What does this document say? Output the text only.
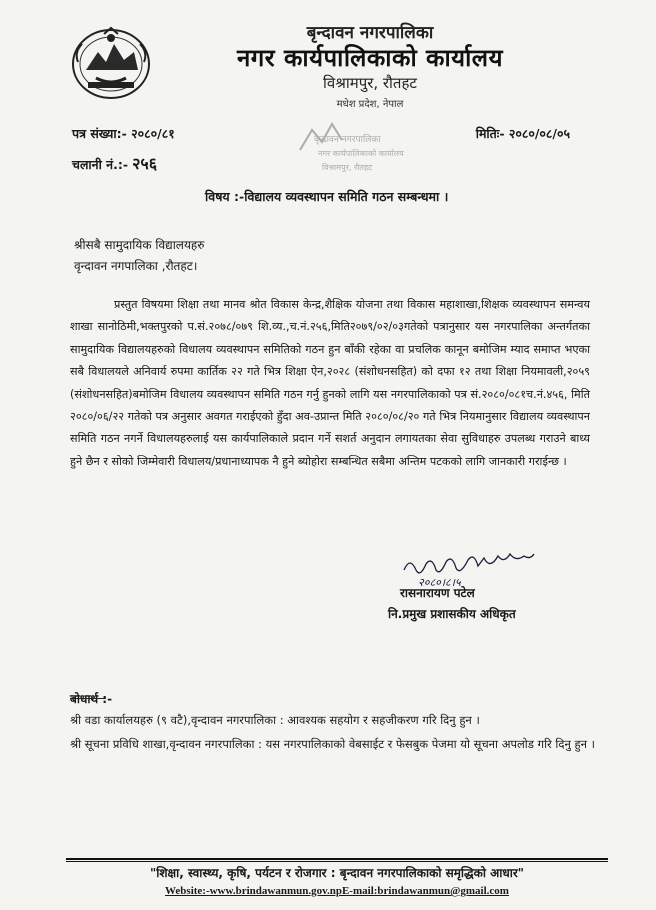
बृन्दावन नगरपालिका
नगर कार्यपालिकाको कार्यालय
विश्रामपुर, रौतहट
मधेश प्रदेश, नेपाल
पत्र संख्या:- २०८०/८१
चलानी नं.:- २५६
मितिः- २०८०/०८/०५
वृन्दावन नगरपालिका
नगर कार्यपालिकाको कार्यालय
विश्रामपुर, रौतहट
विषय :-विद्यालय व्यवस्थापन समिति गठन सम्बन्धमा ।
श्रीसबै सामुदायिक विद्यालयहरु
वृन्दावन नगपालिका ,रौतहट।
प्रस्तुत विषयमा शिक्षा तथा मानव श्रोत विकास केन्द्र,शैक्षिक योजना तथा विकास महाशाखा,शिक्षक व्यवस्थापन समन्वय शाखा सानोठिमी,भक्तपुरको प.सं.२०७८/०७९ शि.व्य.,च.नं.२५६,मिति२०७९/०२/०३गतेको पत्रानुसार यस नगरपालिका अन्तर्गतका सामुदायिक विद्यालयहरुको विधालय व्यवस्थापन समितिको गठन हुन बाँकी रहेका वा प्रचलिक कानून बमोजिम म्याद समाप्त भएका सबै विधालयले अनिवार्य रुपमा कार्तिक २२ गते भित्र शिक्षा ऐन,२०२८ (संशोधनसहित) को दफा १२ तथा शिक्षा नियमावली,२०५९ (संशोधनसहित)बमोजिम विधालय व्यवस्थापन समिति गठन गर्नु हुनको लागि यस नगरपालिकाको पत्र सं.२०८०/०८१च.नं.४५६, मिति २०८०/०६/२२ गतेको पत्र अनुसार अवगत गराईएको हुँदा अव-उप्रान्त मिति २०८०/०८/२० गते भित्र नियमानुसार विद्यालय व्यवस्थापन समिति गठन नगर्ने विधालयहरुलाई यस कार्यपालिकाले प्रदान गर्ने सशर्त अनुदान लगायतका सेवा सुविधाहरु उपलब्ध गराउने बाध्य हुने छैन र सोको जिम्मेवारी विधालय/प्रधानाध्यापक नै हुने ब्योहोरा सम्बन्धित सबैमा अन्तिम पटकको लागि जानकारी गराईन्छ ।
२०८०।८।५
रासनारायण पटेल
नि.प्रमुख प्रशासकीय अधिकृत
बोधार्थ :-
श्री वडा कार्यालयहरु (९ वटै),वृन्दावन नगरपालिका : आवश्यक सहयोग र सहजीकरण गरि दिनु हुन ।
श्री सूचना प्रविधि शाखा,वृन्दावन नगरपालिका : यस नगरपालिकाको वेबसाईट र फेसबुक पेजमा यो सूचना अपलोड गरि दिनु हुन ।
"शिक्षा, स्वास्थ्य, कृषि, पर्यटन र रोजगार : बृन्दावन नगरपालिकाको समृद्धिको आधार"
Website:-www.brindawanmun.gov.npE-mail:brindawanmun@gmail.com
